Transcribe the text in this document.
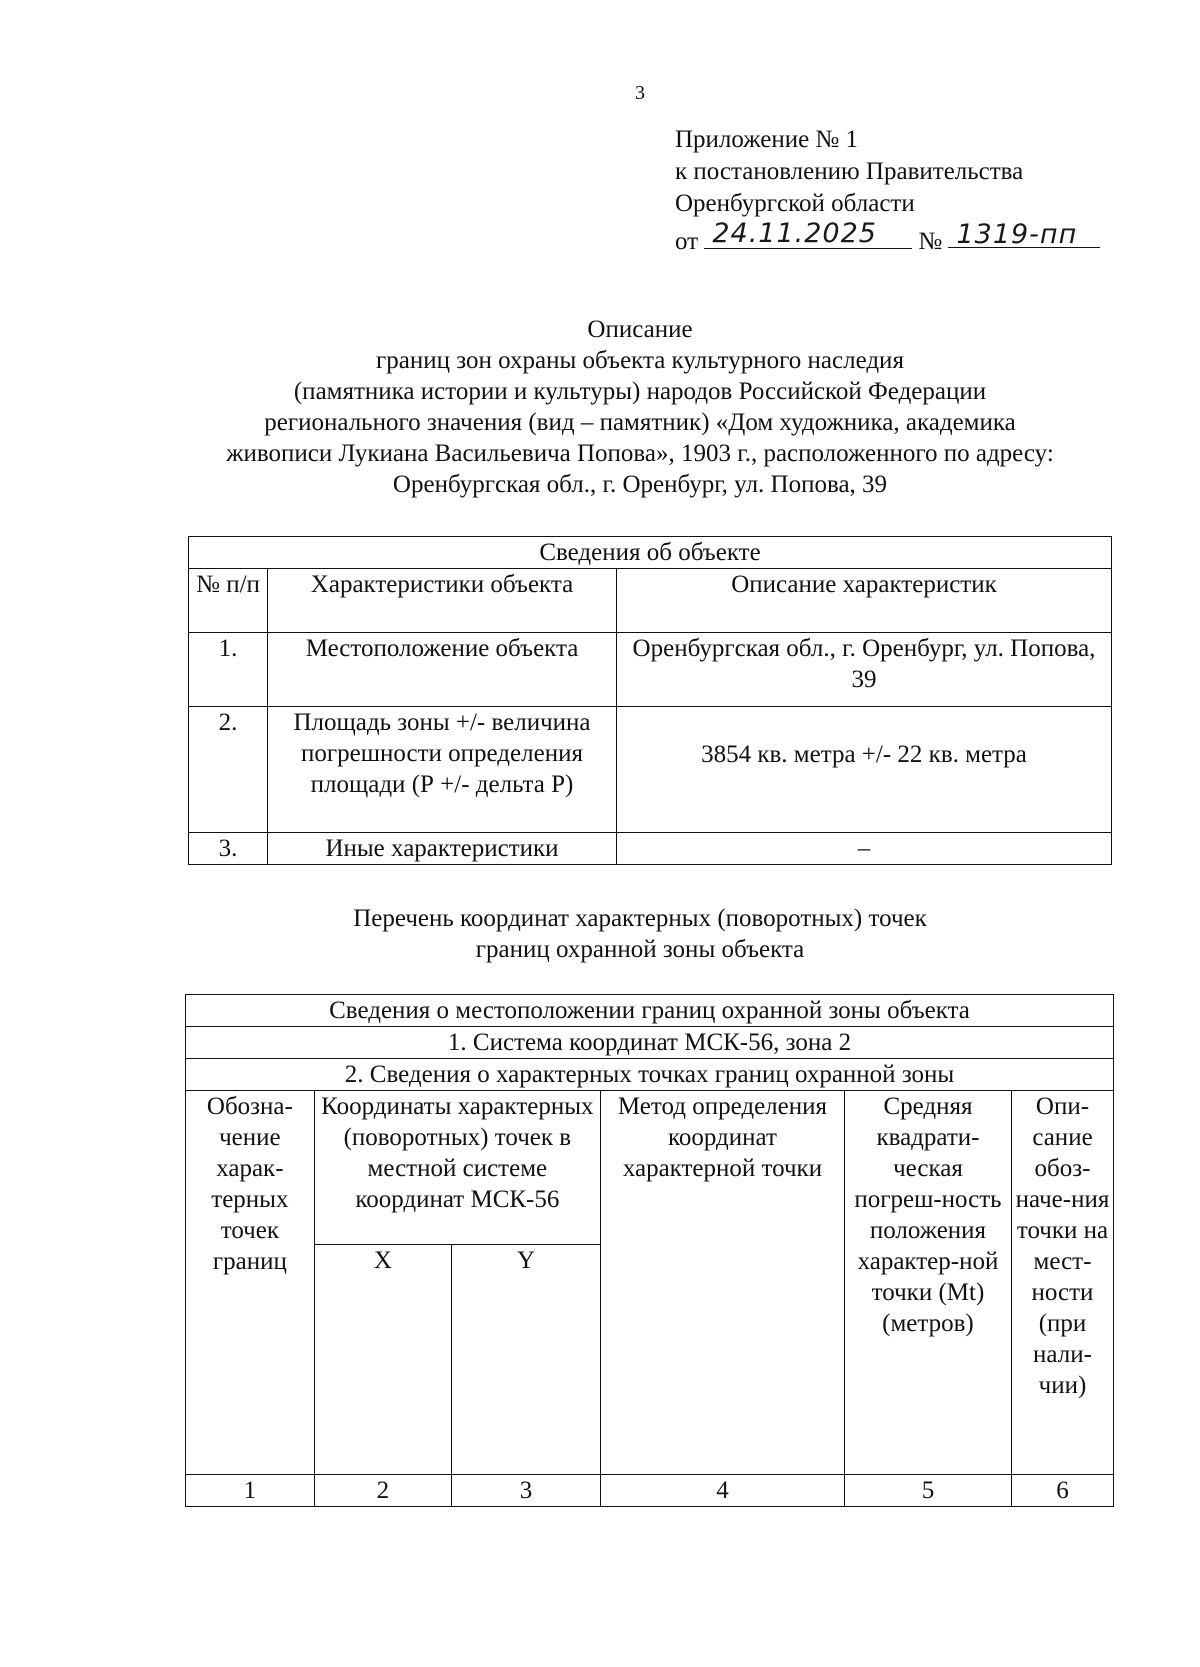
3
Приложение № 1
к постановлению Правительства
Оренбургской области
от 24.11.2025 № 1319-пп
Описание
границ зон охраны объекта культурного наследия
(памятника истории и культуры) народов Российской Федерации
регионального значения (вид – памятник) «Дом художника, академика
живописи Лукиана Васильевича Попова», 1903 г., расположенного по адресу:
Оренбургская обл., г. Оренбург, ул. Попова, 39
Сведения об объекте		
№ п/п	Характеристики объекта	Описание характеристик
1.	Местоположение объекта	Оренбургская обл., г. Оренбург, ул. Попова, 39
2.	Площадь зоны +/- величина погрешности определения площади (Р +/- дельта Р)	3854 кв. метра +/- 22 кв. метра
3.	Иные характеристики	–
Перечень координат характерных (поворотных) точек
границ охранной зоны объекта
Сведения о местоположении границ охранной зоны объекта					
1. Система координат МСК-56, зона 2					
2. Сведения о характерных точках границ охранной зоны					
Обозна-чение харак-терных точек границ	Координаты характерных (поворотных) точек в местной системе координат МСК-56		Метод определения координат характерной точки	Средняя квадрати-ческая погреш-ность положения характер-ной точки (Mt) (метров)	Опи-сание обоз-наче-ния точки на мест-ности (при нали-чии)
	X	Y			
1	2	3	4	5	6
